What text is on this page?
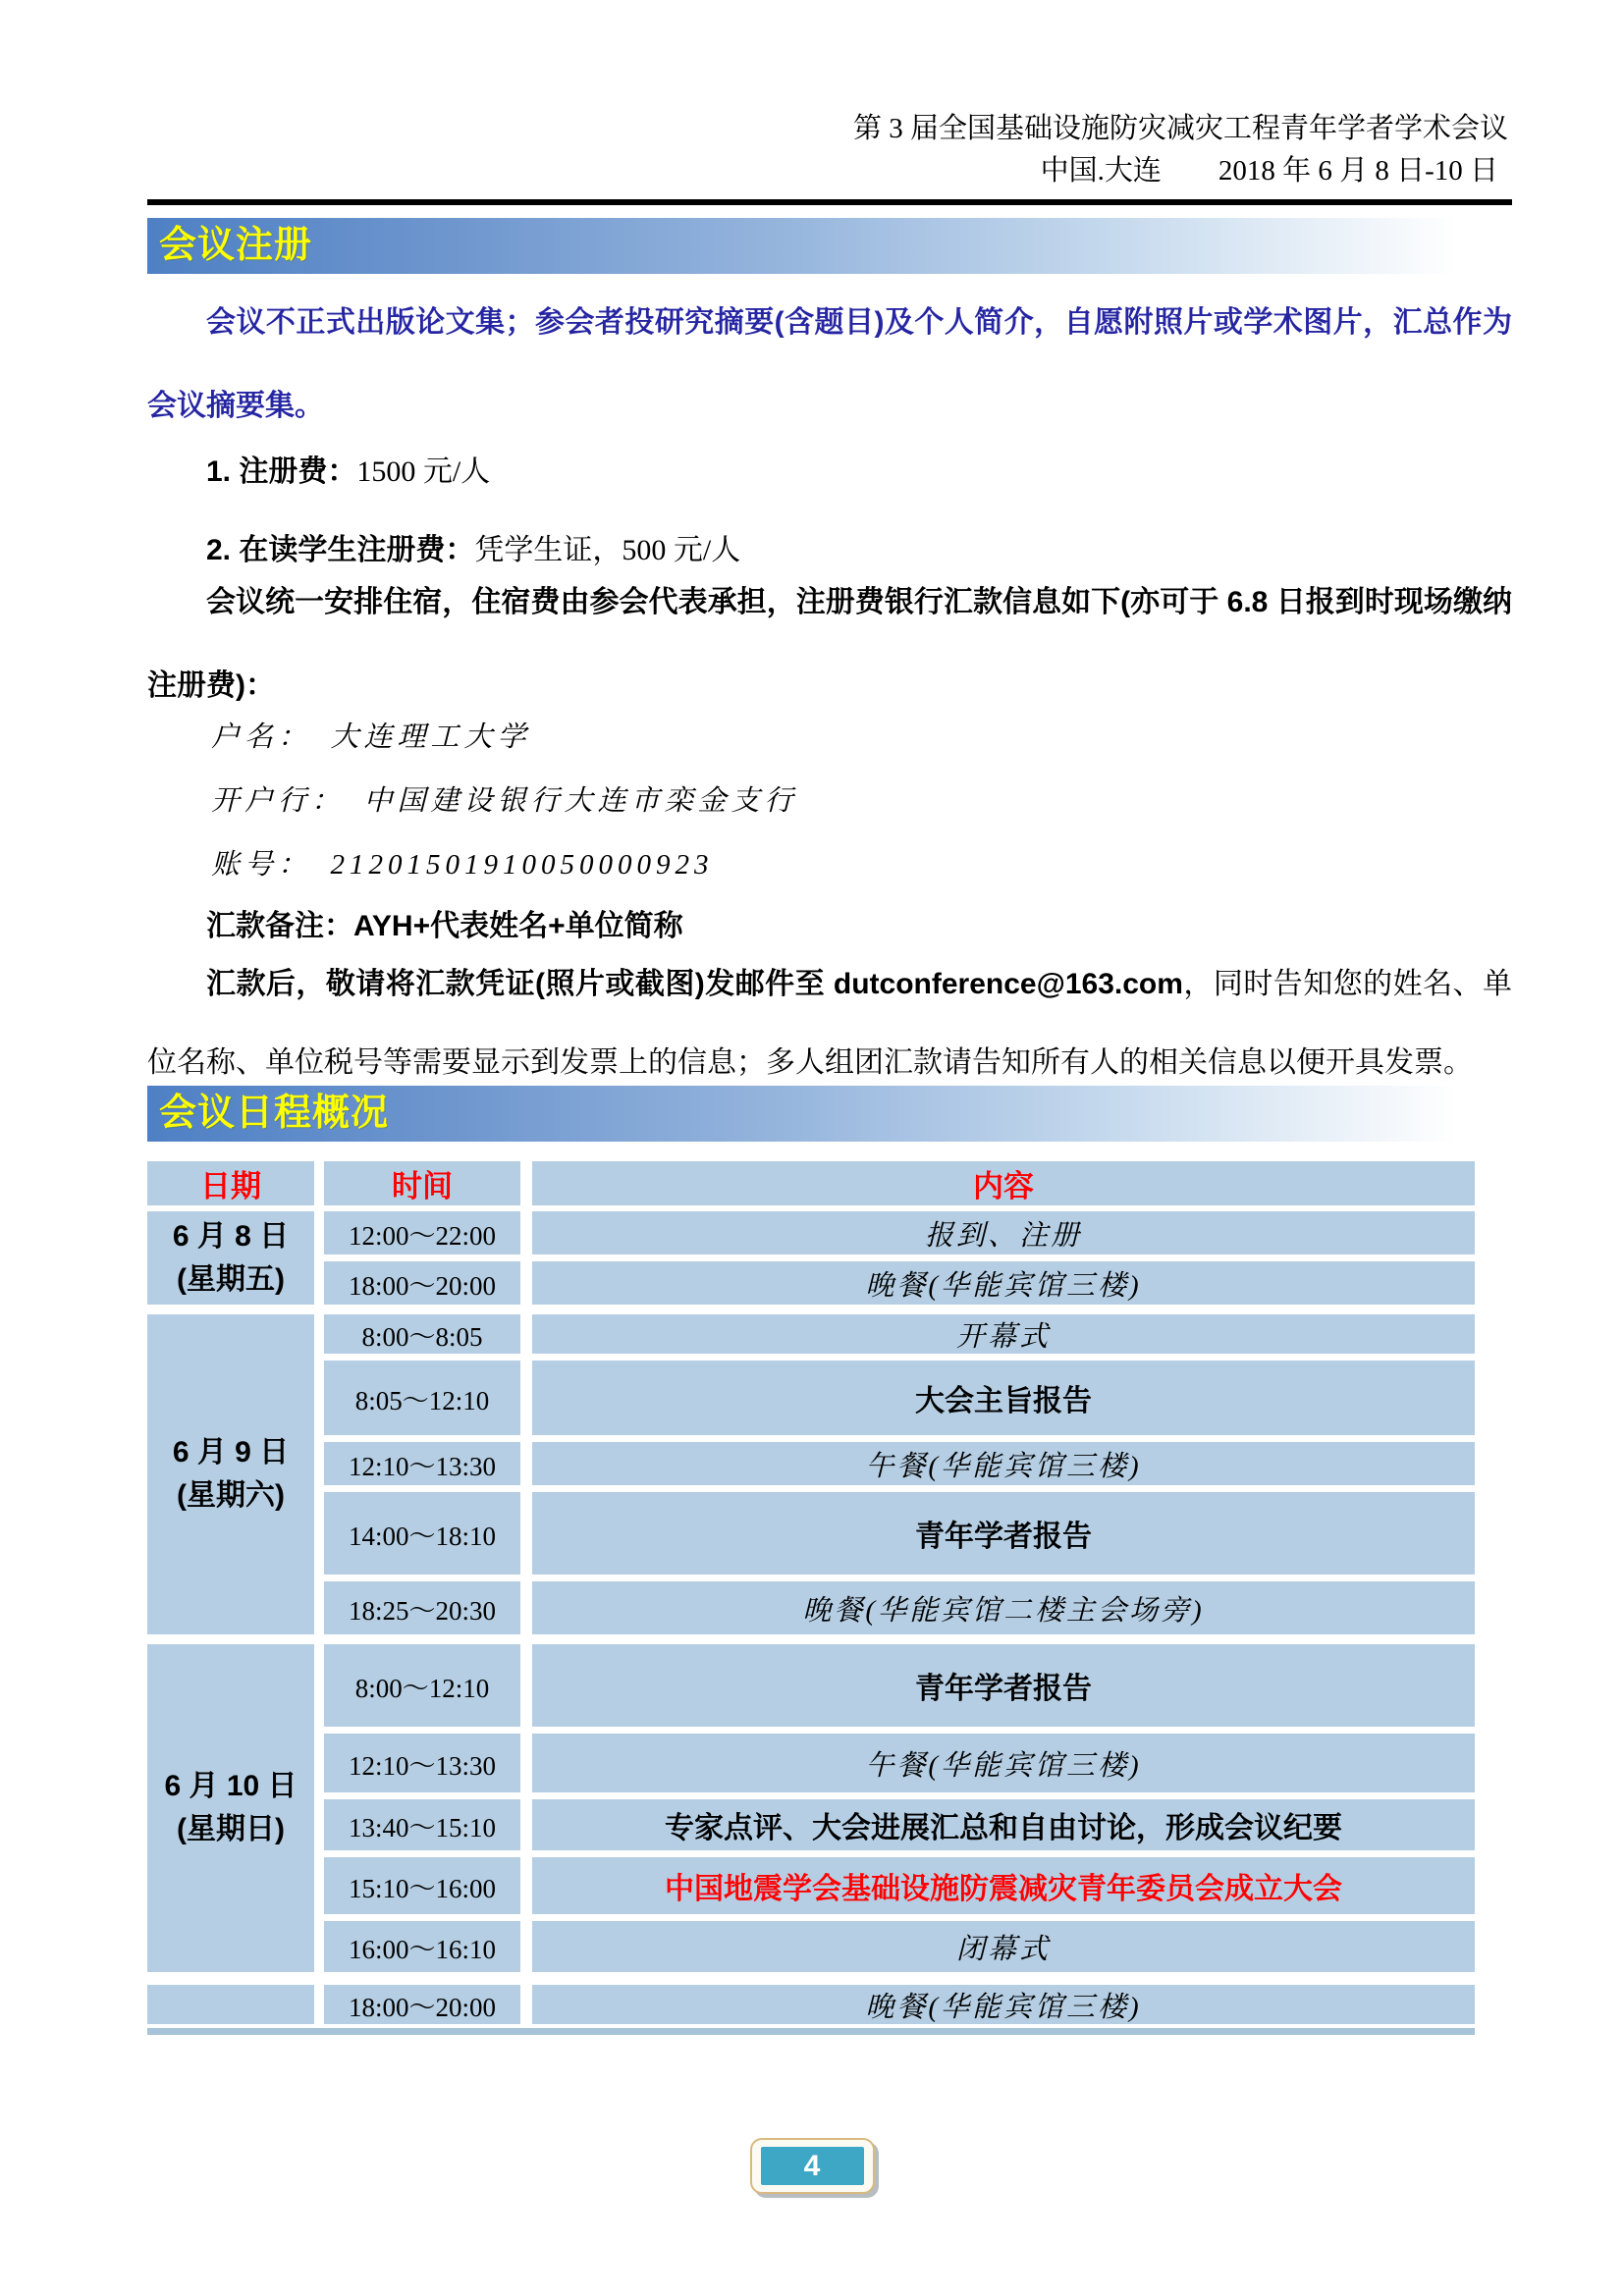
第 3 届全国基础设施防灾减灾工程青年学者学术会议
中国.大连　　2018 年 6 月 8 日-10 日
会议注册
会议不正式出版论文集；参会者投研究摘要(含题目)及个人简介，自愿附照片或学术图片，汇总作为会议摘要集。
1. 注册费：1500 元/人
2. 在读学生注册费：凭学生证，500 元/人
会议统一安排住宿，住宿费由参会代表承担，注册费银行汇款信息如下(亦可于 6.8 日报到时现场缴纳注册费)：
户名：　大连理工大学
开户行：　中国建设银行大连市栾金支行
账号：　21201501910050000923
汇款备注：AYH+代表姓名+单位简称
汇款后，敬请将汇款凭证(照片或截图)发邮件至 dutconference@163.com，同时告知您的姓名、单位名称、单位税号等需要显示到发票上的信息；多人组团汇款请告知所有人的相关信息以便开具发票。
会议日程概况
日期	时间	内容
6 月 8 日
(星期五)
12:00～22:00	报到、注册
18:00～20:00	晚餐(华能宾馆三楼)
6 月 9 日
(星期六)
8:00～8:05	开幕式
8:05～12:10	大会主旨报告
12:10～13:30	午餐(华能宾馆三楼)
14:00～18:10	青年学者报告
18:25～20:30	晚餐(华能宾馆二楼主会场旁)
6 月 10 日
(星期日)
8:00～12:10	青年学者报告
12:10～13:30	午餐(华能宾馆三楼)
13:40～15:10	专家点评、大会进展汇总和自由讨论，形成会议纪要
15:10～16:00	中国地震学会基础设施防震减灾青年委员会成立大会
16:00～16:10	闭幕式
18:00～20:00	晚餐(华能宾馆三楼)
4
